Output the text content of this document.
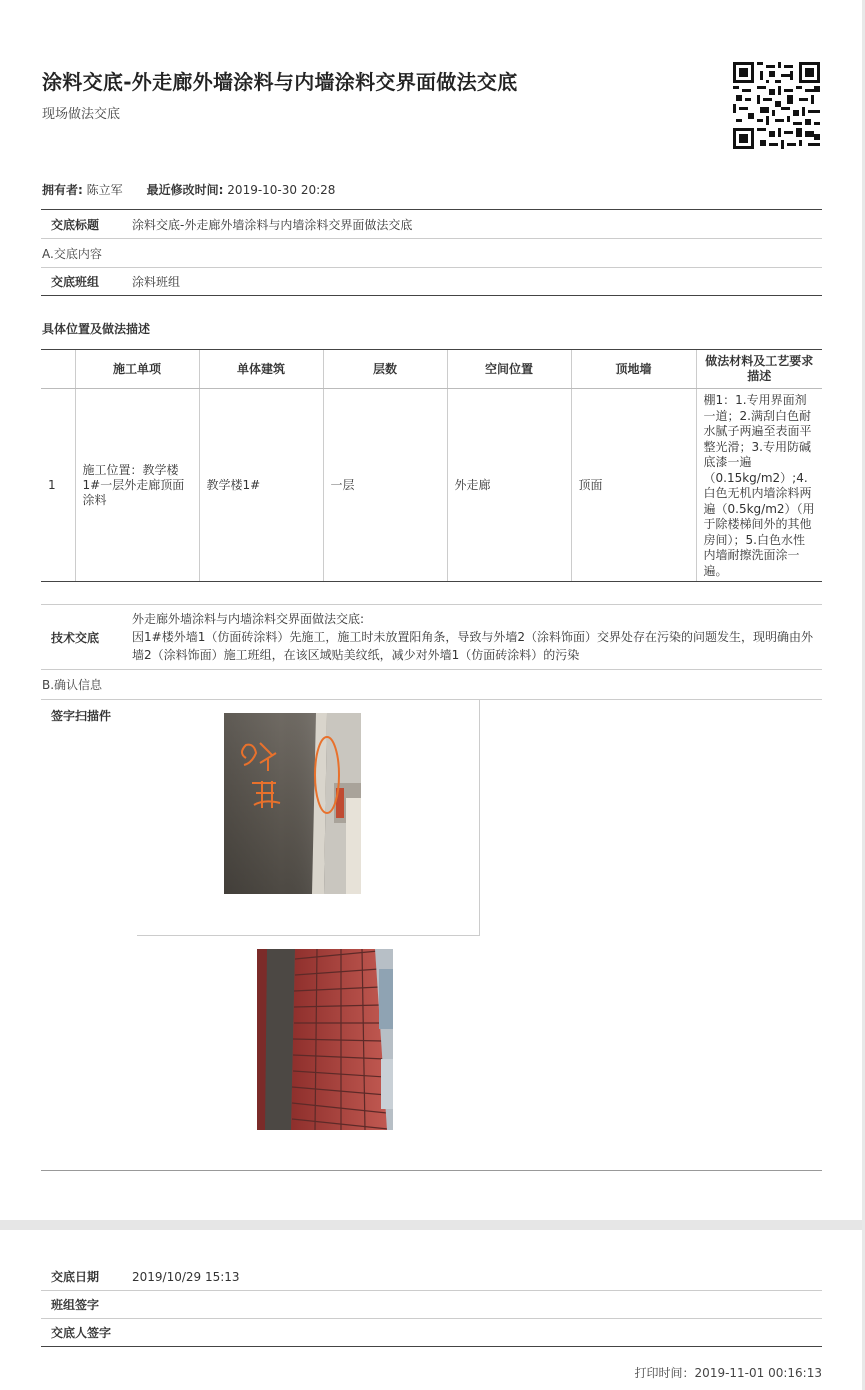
涂料交底-外走廊外墙涂料与内墙涂料交界面做法交底
现场做法交底
拥有者: 陈立军 最近修改时间: 2019-10-30 20:28
交底标题	涂料交底-外走廊外墙涂料与内墙涂料交界面做法交底
A.交底内容
交底班组	涂料班组
具体位置及做法描述
	施工单项	单体建筑	层数	空间位置	顶地墙	做法材料及工艺要求描述
1	施工位置：教学楼1#一层外走廊顶面涂料	教学楼1#	一层	外走廊	顶面	棚1：1.专用界面剂一道；2.满刮白色耐水腻子两遍至表面平整光滑；3.专用防碱底漆一遍（0.15kg/m2）;4.白色无机内墙涂料两遍（0.5kg/m2）（用于除楼梯间外的其他房间）；5.白色水性内墙耐擦洗面涂一遍。
技术交底
外走廊外墙涂料与内墙涂料交界面做法交底:
因1#楼外墙1（仿面砖涂料）先施工，施工时未放置阳角条，导致与外墙2（涂料饰面）交界处存在污染的问题发生，现明确由外墙2（涂料饰面）施工班组，在该区域贴美纹纸，减少对外墙1（仿面砖涂料）的污染
B.确认信息
签字扫描件
交底日期	2019/10/29 15:13
班组签字
交底人签字
打印时间：2019-11-01 00:16:13
